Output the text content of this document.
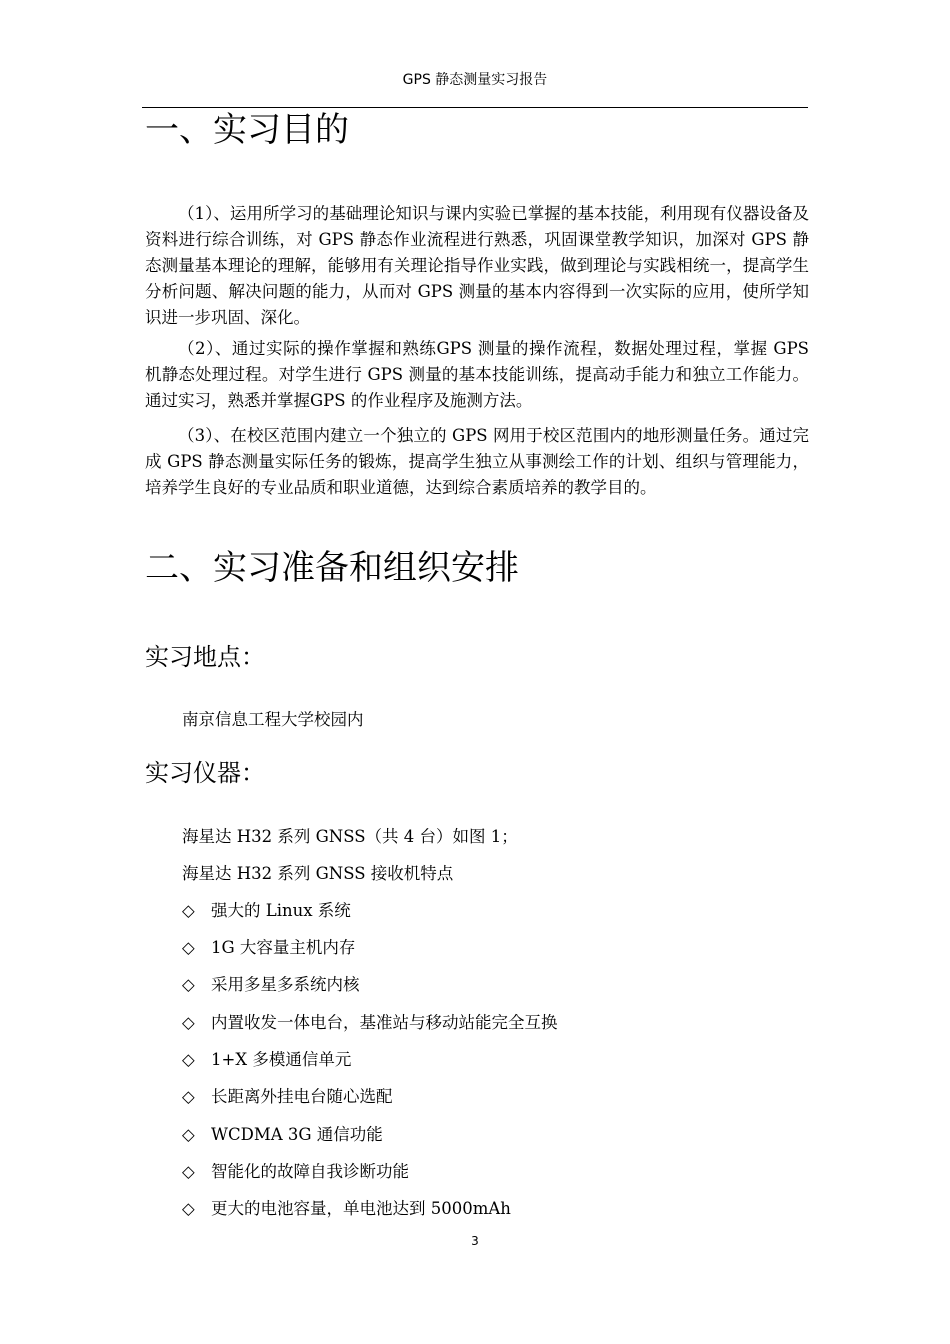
GPS 静态测量实习报告
一、实习目的

（1）、运用所学习的基础理论知识与课内实验已掌握的基本技能，利用现有仪器设备及资料进行综合训练，对 GPS 静态作业流程进行熟悉，巩固课堂教学知识，加深对 GPS 静态测量基本理论的理解，能够用有关理论指导作业实践，做到理论与实践相统一，提高学生分析问题、解决问题的能力，从而对 GPS 测量的基本内容得到一次实际的应用，使所学知识进一步巩固、深化。

（2）、通过实际的操作掌握和熟练GPS 测量的操作流程，数据处理过程，掌握 GPS 机静态处理过程。对学生进行 GPS 测量的基本技能训练，提高动手能力和独立工作能力。通过实习，熟悉并掌握GPS 的作业程序及施测方法。

（3）、在校区范围内建立一个独立的 GPS 网用于校区范围内的地形测量任务。通过完成 GPS 静态测量实际任务的锻炼，提高学生独立从事测绘工作的计划、组织与管理能力，培养学生良好的专业品质和职业道德，达到综合素质培养的教学目的。

二、实习准备和组织安排
实习地点：

南京信息工程大学校园内

实习仪器：

海星达 H32 系列 GNSS（共 4 台）如图 1；

海星达 H32 系列 GNSS 接收机特点

◇ 强大的 Linux 系统

◇ 1G 大容量主机内存

◇ 采用多星多系统内核

◇ 内置收发一体电台，基准站与移动站能完全互换

◇ 1+X 多模通信单元

◇ 长距离外挂电台随心选配

◇ WCDMA 3G 通信功能

◇ 智能化的故障自我诊断功能

◇ 更大的电池容量，单电池达到 5000mAh

3
